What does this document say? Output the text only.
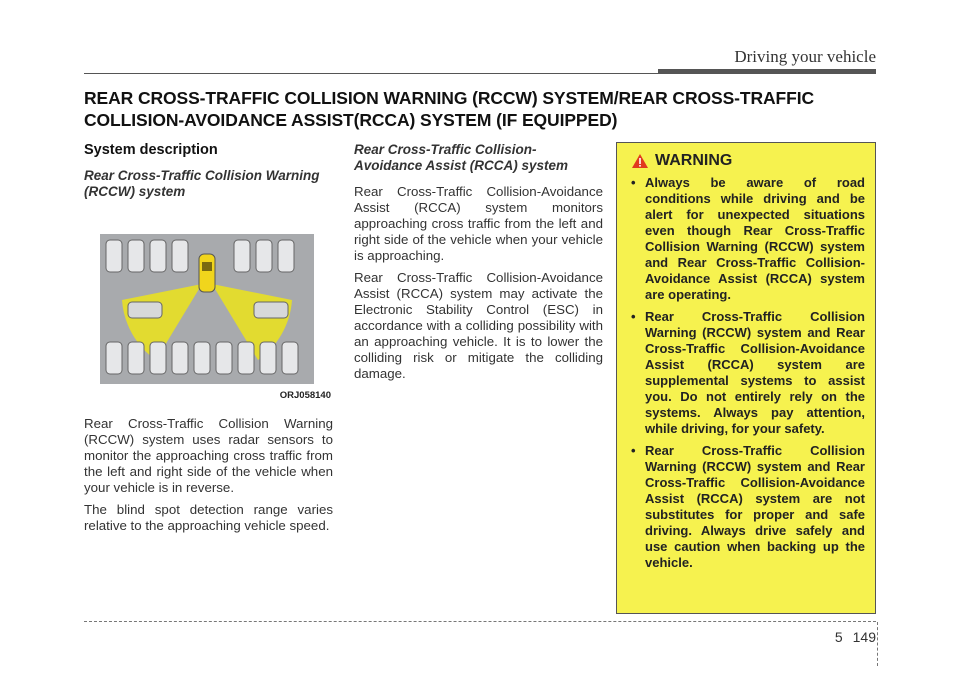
Driving your vehicle
REAR CROSS-TRAFFIC COLLISION WARNING (RCCW) SYSTEM/REAR CROSS-TRAFFIC COLLISION-AVOIDANCE ASSIST(RCCA) SYSTEM (IF EQUIPPED)
System description
Rear Cross-Traffic Collision Warning (RCCW) system
ORJ058140

Rear Cross-Traffic Collision Warning (RCCW) system uses radar sensors to monitor the approaching cross traffic from the left and right side of the vehicle when your vehicle is in reverse.

The blind spot detection range varies relative to the approaching vehicle speed.

Rear Cross-Traffic Collision-Avoidance Assist (RCCA) system

Rear Cross-Traffic Collision-Avoidance Assist (RCCA) system monitors approaching cross traffic from the left and right side of the vehicle when your vehicle is approaching.

Rear Cross-Traffic Collision-Avoidance Assist (RCCA) system may activate the Electronic Stability Control (ESC) in accordance with a colliding possibility with an approaching vehicle. It is to lower the colliding risk or mitigate the colliding damage.

WARNING
• Always be aware of road conditions while driving and be alert for unexpected situations even though Rear Cross-Traffic Collision Warning (RCCW) system and Rear Cross-Traffic Collision-Avoidance Assist (RCCA) system are operating.
• Rear Cross-Traffic Collision Warning (RCCW) system and Rear Cross-Traffic Collision-Avoidance Assist (RCCA) system are supplemental systems to assist you. Do not entirely rely on the systems. Always pay attention, while driving, for your safety.
• Rear Cross-Traffic Collision Warning (RCCW) system and Rear Cross-Traffic Collision-Avoidance Assist (RCCA) system are not substitutes for proper and safe driving. Always drive safely and use caution when backing up the vehicle.
5 149
